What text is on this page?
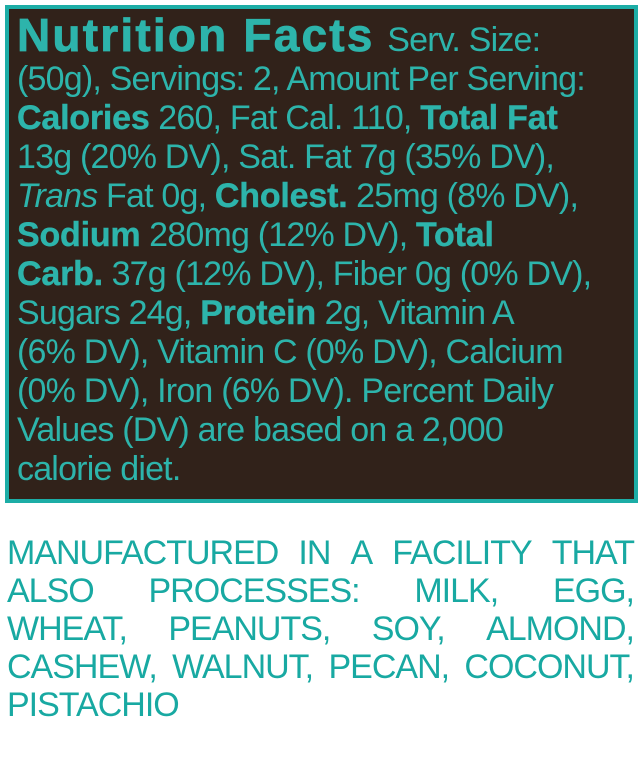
Nutrition Facts Serv. Size:
(50g), Servings: 2, Amount Per Serving:
Calories 260, Fat Cal. 110, Total Fat
13g (20% DV), Sat. Fat 7g (35% DV),
Trans Fat 0g, Cholest. 25mg (8% DV),
Sodium 280mg (12% DV), Total
Carb. 37g (12% DV), Fiber 0g (0% DV),
Sugars 24g, Protein 2g, Vitamin A
(6% DV), Vitamin C (0% DV), Calcium
(0% DV), Iron (6% DV). Percent Daily
Values (DV) are based on a 2,000
calorie diet.
MANUFACTURED IN A FACILITY THAT
ALSO PROCESSES: MILK, EGG,
WHEAT, PEANUTS, SOY, ALMOND,
CASHEW, WALNUT, PECAN, COCONUT,
PISTACHIO
